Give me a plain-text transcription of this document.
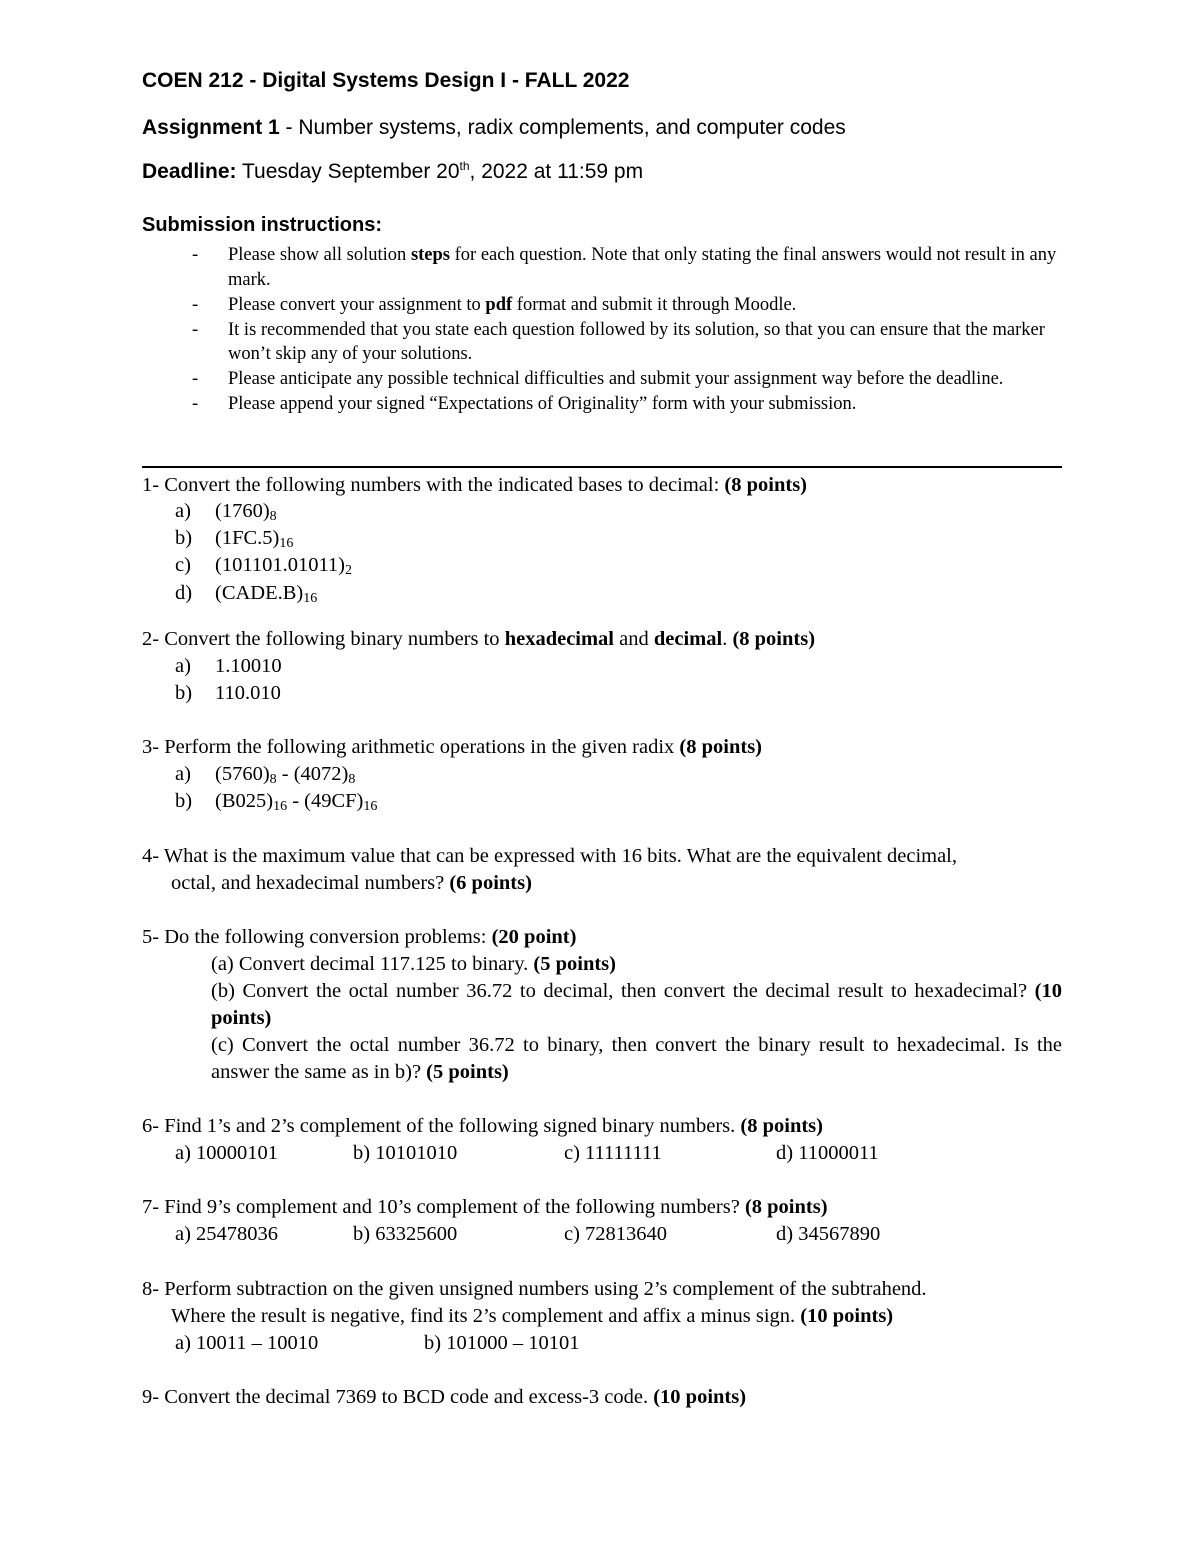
COEN 212 - Digital Systems Design I - FALL 2022
Assignment 1 - Number systems, radix complements, and computer codes
Deadline: Tuesday September 20th, 2022 at 11:59 pm
Submission instructions:
- Please show all solution steps for each question. Note that only stating the final answers would not result in any mark.
- Please convert your assignment to pdf format and submit it through Moodle.
- It is recommended that you state each question followed by its solution, so that you can ensure that the marker won’t skip any of your solutions.
- Please anticipate any possible technical difficulties and submit your assignment way before the deadline.
- Please append your signed “Expectations of Originality” form with your submission.
1- Convert the following numbers with the indicated bases to decimal: (8 points)
a) $(1760)_8$
b) $(1FC.5)_{16}$
c) $(101101.01011)_2$
d) $(CADE.B)_{16}$
2- Convert the following binary numbers to hexadecimal and decimal. (8 points)
a) 1.10010
b) 110.010
3- Perform the following arithmetic operations in the given radix (8 points)
a) $(5760)_8 - (4072)_8$
b) $(B025)_{16} - (49CF)_{16}$
4- What is the maximum value that can be expressed with 16 bits. What are the equivalent decimal,
octal, and hexadecimal numbers? (6 points)
5- Do the following conversion problems: (20 point)
(a) Convert decimal 117.125 to binary. (5 points)
(b) Convert the octal number 36.72 to decimal, then convert the decimal result to hexadecimal? (10 points)
(c) Convert the octal number 36.72 to binary, then convert the binary result to hexadecimal. Is the answer the same as in b)? (5 points)
6- Find 1’s and 2’s complement of the following signed binary numbers. (8 points)
a) 10000101	b) 10101010	c) 11111111	d) 11000011
7- Find 9’s complement and 10’s complement of the following numbers? (8 points)
a) 25478036	b) 63325600	c) 72813640	d) 34567890
8- Perform subtraction on the given unsigned numbers using 2’s complement of the subtrahend.
Where the result is negative, find its 2’s complement and affix a minus sign. (10 points)
a) 10011 – 10010	b) 101000 – 10101
9- Convert the decimal 7369 to BCD code and excess-3 code. (10 points)
